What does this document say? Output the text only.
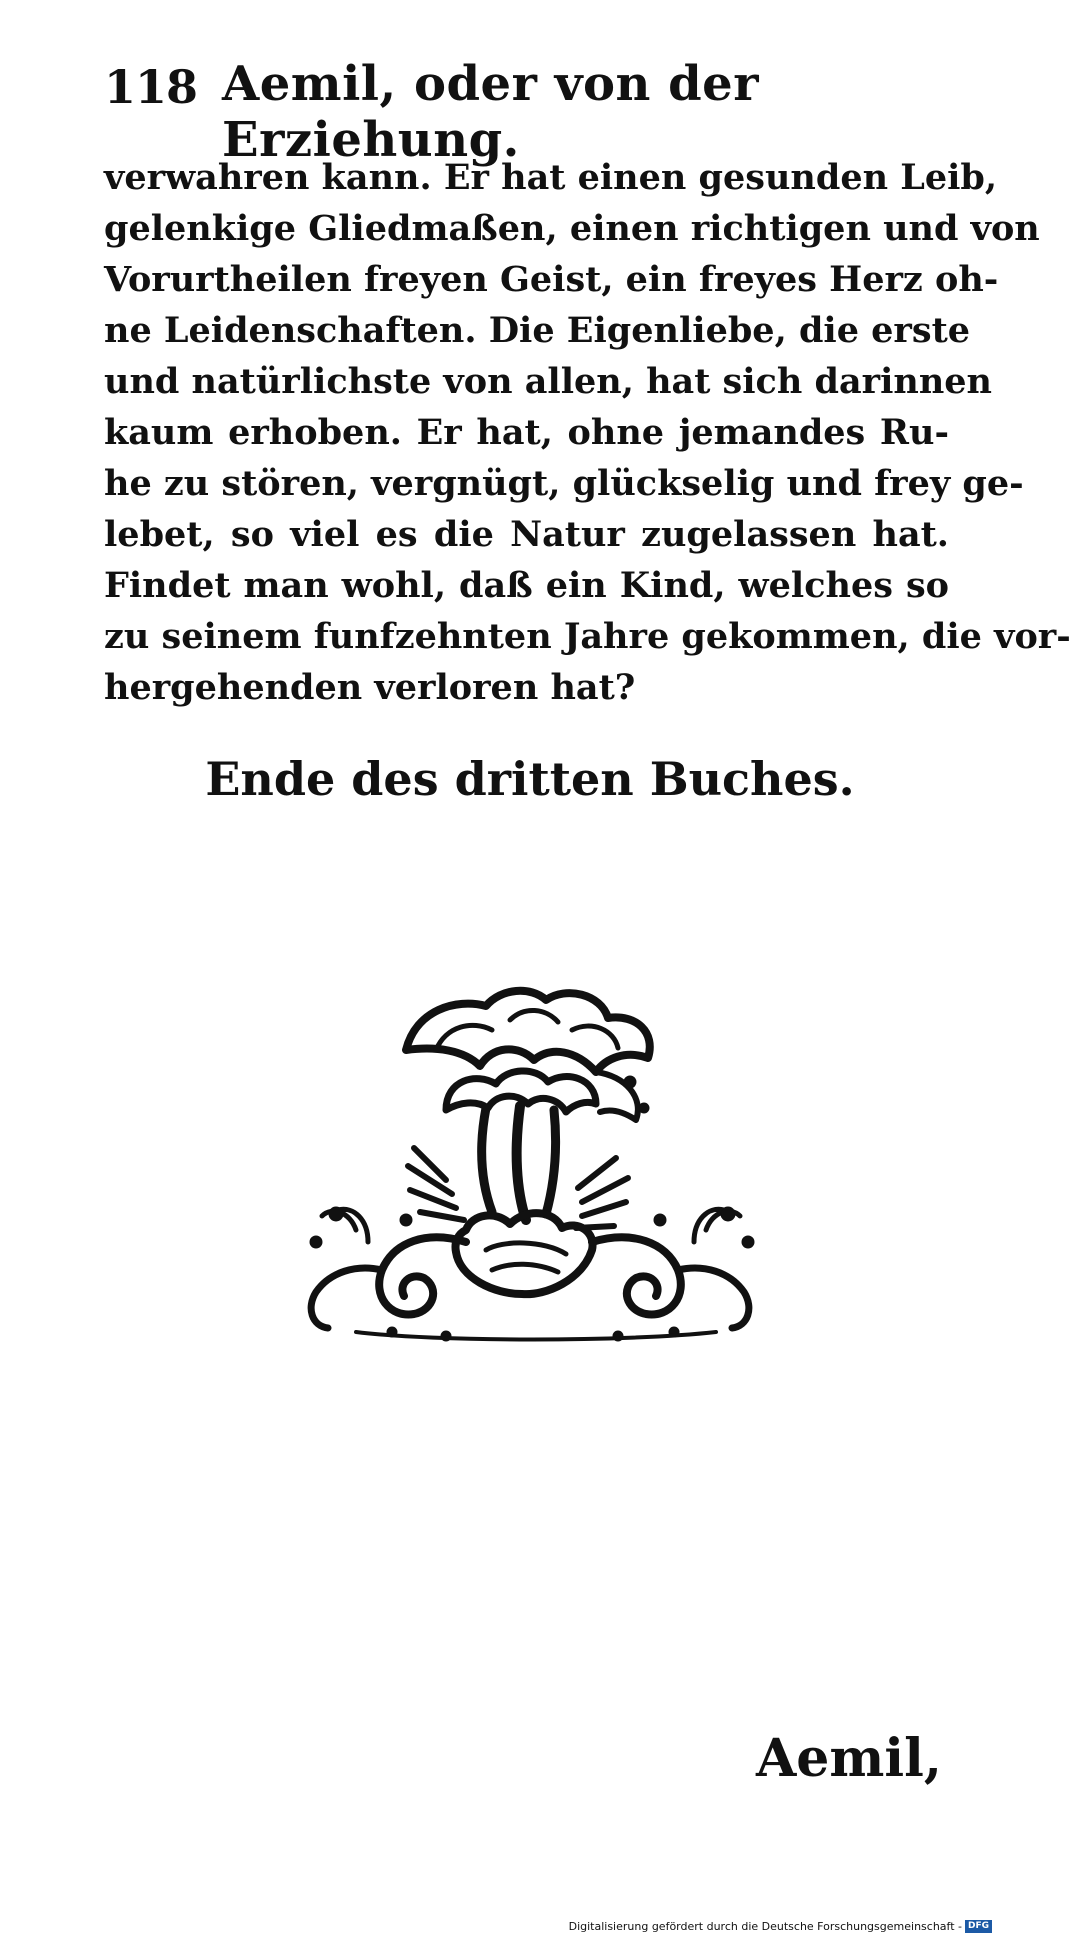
118 Aemil, oder von der Erziehung.
verwahren kann. Er hat einen gesunden Leib,
gelenkige Gliedmaßen, einen richtigen und von
Vorurtheilen freyen Geist, ein freyes Herz oh-
ne Leidenschaften. Die Eigenliebe, die erste
und natürlichste von allen, hat sich darinnen
kaum erhoben. Er hat, ohne jemandes Ru-
he zu stören, vergnügt, glückselig und frey ge-
lebet, so viel es die Natur zugelassen hat.
Findet man wohl, daß ein Kind, welches so
zu seinem funfzehnten Jahre gekommen, die vor-
hergehenden verloren hat?
Ende des dritten Buches.
Aemil,
Digitalisierung gefördert durch die Deutsche Forschungsgemeinschaft - DFG
